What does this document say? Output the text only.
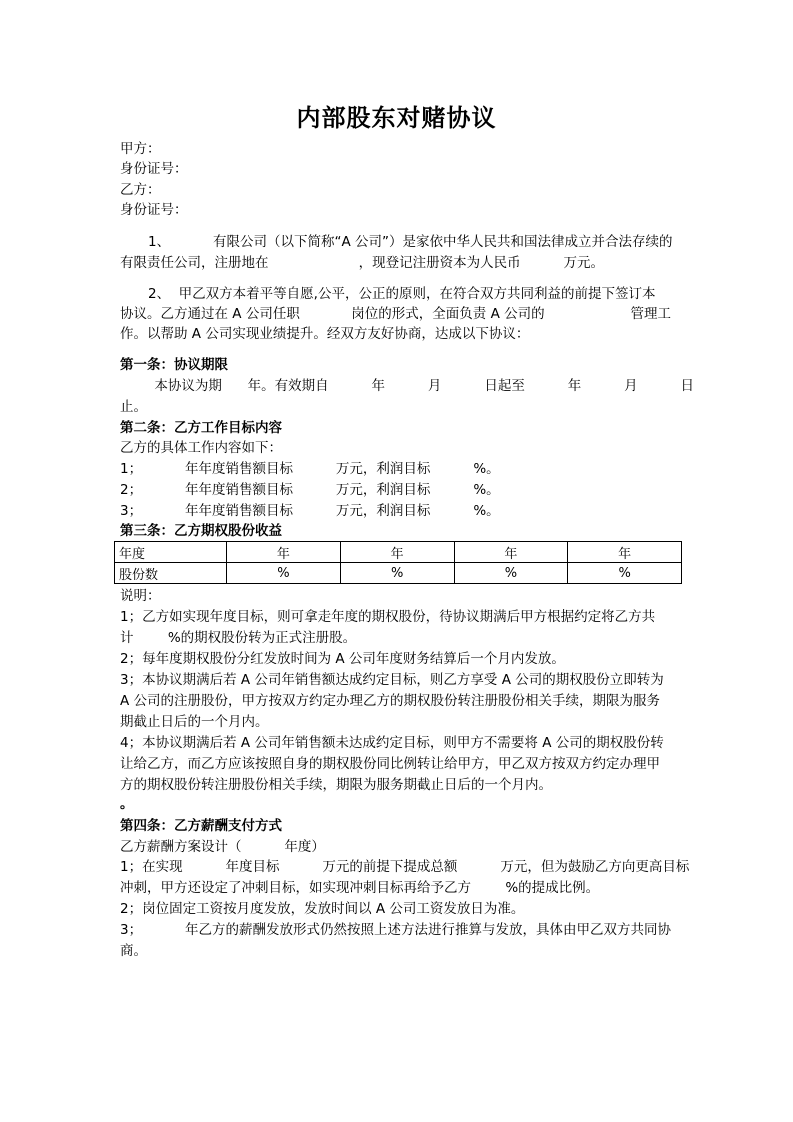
内部股东对赌协议
甲方：
身份证号：
乙方：
身份证号：
1、          有限公司（以下简称“A 公司”）是家依中华人民共和国法律成立并合法存续的
有限责任公司，注册地在                     ，现登记注册资本为人民币          万元。
2、  甲乙双方本着平等自愿,公平，公正的原则，在符合双方共同利益的前提下签订本
协议。乙方通过在 A 公司任职            岗位的形式，全面负责 A 公司的                    管理工
作。以帮助 A 公司实现业绩提升。经双方友好协商，达成以下协议：
第一条：协议期限
本协议为期      年。有效期自          年          月          日起至          年          月          日
止。
第二条：乙方工作目标内容
乙方的具体工作内容如下：
1；          年年度销售额目标          万元，利润目标          %。
2；          年年度销售额目标          万元，利润目标          %。
3；          年年度销售额目标          万元，利润目标          %。
第三条：乙方期权股份收益
年度	年	年	年	年
股份数	%	%	%	%
说明：
1；乙方如实现年度目标，则可拿走年度的期权股份，待协议期满后甲方根据约定将乙方共
计        %的期权股份转为正式注册股。
2；每年度期权股份分红发放时间为 A 公司年度财务结算后一个月内发放。
3；本协议期满后若 A 公司年销售额达成约定目标，则乙方享受 A 公司的期权股份立即转为
A 公司的注册股份，甲方按双方约定办理乙方的期权股份转注册股份相关手续，期限为服务
期截止日后的一个月内。
4；本协议期满后若 A 公司年销售额未达成约定目标，则甲方不需要将 A 公司的期权股份转
让给乙方，而乙方应该按照自身的期权股份同比例转让给甲方，甲乙双方按双方约定办理甲
方的期权股份转注册股份相关手续，期限为服务期截止日后的一个月内。
。
第四条：乙方薪酬支付方式
乙方薪酬方案设计（          年度）
1；在实现          年度目标          万元的前提下提成总额          万元，但为鼓励乙方向更高目标
冲刺，甲方还设定了冲刺目标，如实现冲刺目标再给予乙方        %的提成比例。
2；岗位固定工资按月度发放，发放时间以 A 公司工资发放日为准。
3；          年乙方的薪酬发放形式仍然按照上述方法进行推算与发放，具体由甲乙双方共同协
商。
